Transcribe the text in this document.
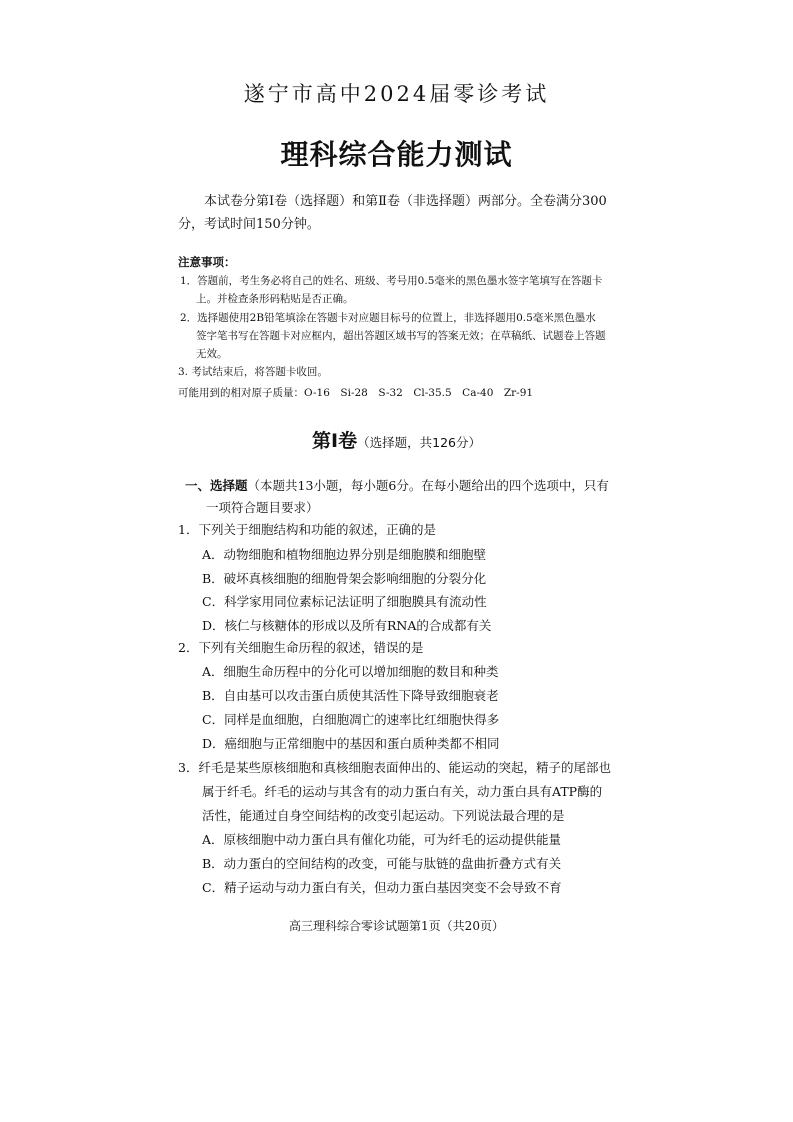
遂宁市高中2024届零诊考试
理科综合能力测试
本试卷分第Ⅰ卷（选择题）和第Ⅱ卷（非选择题）两部分。全卷满分300分，考试时间150分钟。
注意事项：
1．答题前，考生务必将自己的姓名、班级、考号用0.5毫米的黑色墨水签字笔填写在答题卡
上。并检查条形码粘贴是否正确。
2．选择题使用2B铅笔填涂在答题卡对应题目标号的位置上，非选择题用0.5毫米黑色墨水
签字笔书写在答题卡对应框内，超出答题区域书写的答案无效；在草稿纸、试题卷上答题
无效。
3. 考试结束后，将答题卡收回。
可能用到的相对原子质量：O-16　Si-28　S-32　Cl-35.5　Ca-40　Zr-91
第Ⅰ卷（选择题，共126分）
一、选择题（本题共13小题，每小题6分。在每小题给出的四个选项中，只有
一项符合题目要求）
1．下列关于细胞结构和功能的叙述，正确的是
A．动物细胞和植物细胞边界分别是细胞膜和细胞壁
B．破坏真核细胞的细胞骨架会影响细胞的分裂分化
C．科学家用同位素标记法证明了细胞膜具有流动性
D．核仁与核糖体的形成以及所有RNA的合成都有关
2．下列有关细胞生命历程的叙述，错误的是
A．细胞生命历程中的分化可以增加细胞的数目和种类
B．自由基可以攻击蛋白质使其活性下降导致细胞衰老
C．同样是血细胞，白细胞凋亡的速率比红细胞快得多
D．癌细胞与正常细胞中的基因和蛋白质种类都不相同
3．纤毛是某些原核细胞和真核细胞表面伸出的、能运动的突起，精子的尾部也
属于纤毛。纤毛的运动与其含有的动力蛋白有关，动力蛋白具有ATP酶的
活性，能通过自身空间结构的改变引起运动。下列说法最合理的是
A．原核细胞中动力蛋白具有催化功能，可为纤毛的运动提供能量
B．动力蛋白的空间结构的改变，可能与肽链的盘曲折叠方式有关
C．精子运动与动力蛋白有关，但动力蛋白基因突变不会导致不育
高三理科综合零诊试题第1页（共20页）
